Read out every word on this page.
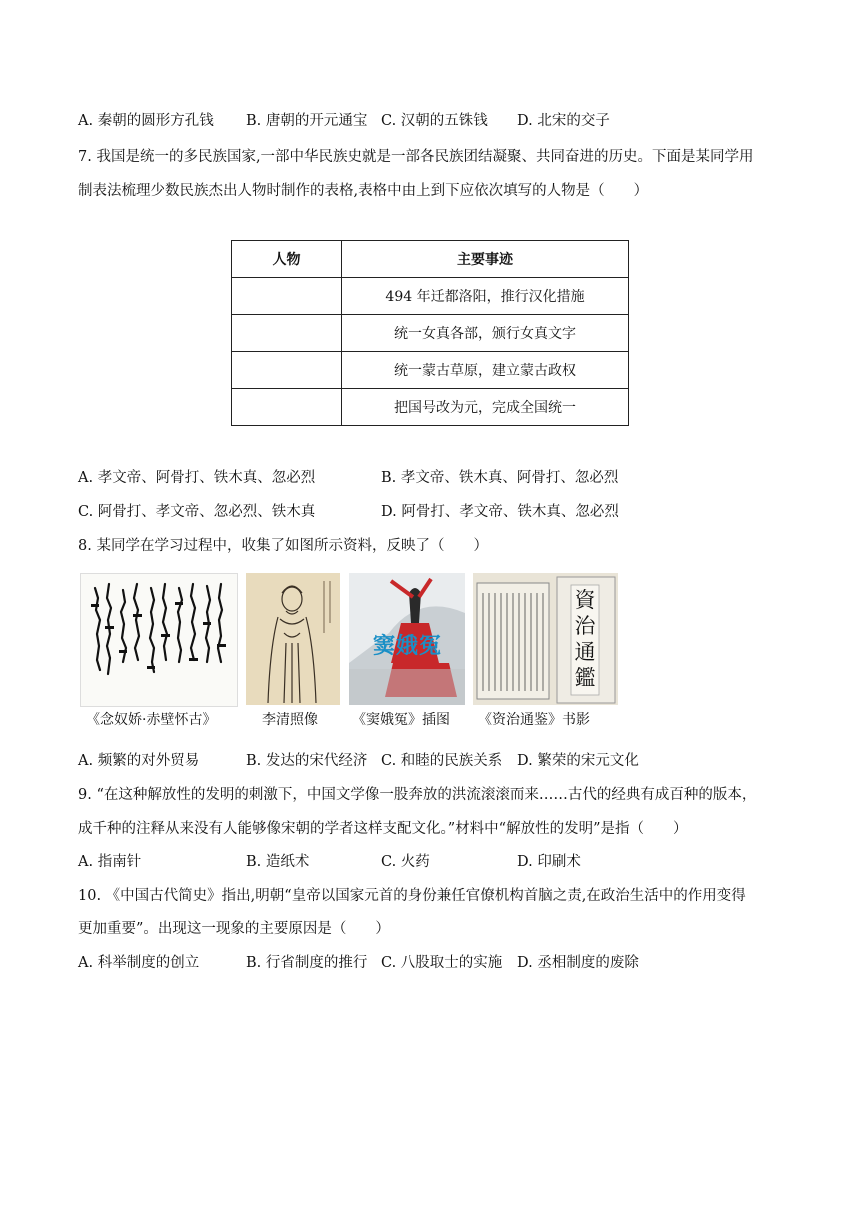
A. 秦朝的圆形方孔钱 B. 唐朝的开元通宝 C. 汉朝的五铢钱 D. 北宋的交子
7. 我国是统一的多民族国家,一部中华民族史就是一部各民族团结凝聚、共同奋进的历史。下面是某同学用
制表法梳理少数民族杰出人物时制作的表格,表格中由上到下应依次填写的人物是（　　）
人物	主要事迹
	494 年迁都洛阳，推行汉化措施
	统一女真各部，颁行女真文字
	统一蒙古草原，建立蒙古政权
	把国号改为元，完成全国统一
A. 孝文帝、阿骨打、铁木真、忽必烈	B. 孝文帝、铁木真、阿骨打、忽必烈
C. 阿骨打、孝文帝、忽必烈、铁木真	D. 阿骨打、孝文帝、铁木真、忽必烈
8. 某同学在学习过程中，收集了如图所示资料，反映了（　　）
窦娥冤
資
治
通
鑑
《念奴娇·赤壁怀古》	李清照像 《窦娥冤》插图 《资治通鉴》书影
A. 频繁的对外贸易	B. 发达的宋代经济 C. 和睦的民族关系 D. 繁荣的宋元文化
9. “在这种解放性的发明的刺激下，中国文学像一股奔放的洪流滚滚而来……古代的经典有成百种的版本，
成千种的注释从来没有人能够像宋朝的学者这样支配文化。”材料中“解放性的发明”是指（　　）
A. 指南针	B. 造纸术	C. 火药	D. 印刷术
10. 《中国古代简史》指出,明朝“皇帝以国家元首的身份兼任官僚机构首脑之责,在政治生活中的作用变得
更加重要”。出现这一现象的主要原因是（　　）
A. 科举制度的创立	B. 行省制度的推行 C. 八股取士的实施 D. 丞相制度的废除
